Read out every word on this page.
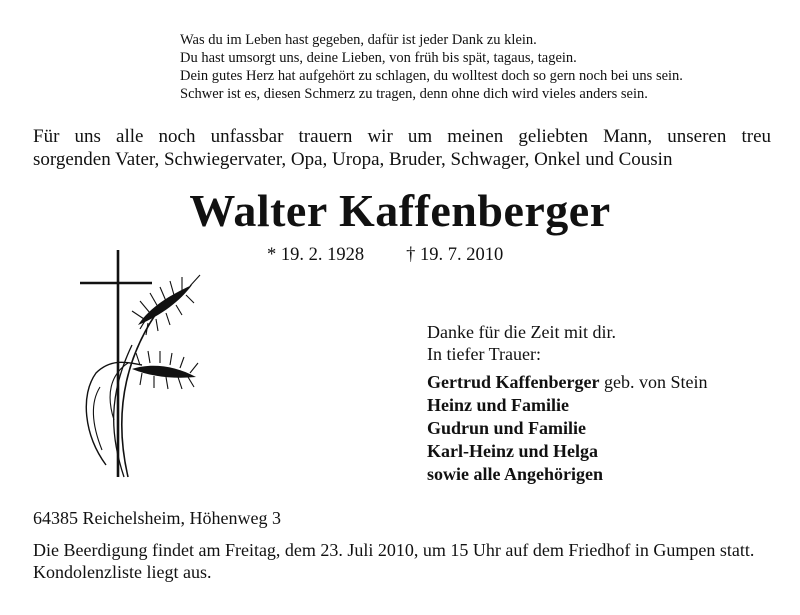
Was du im Leben hast gegeben, dafür ist jeder Dank zu klein.
Du hast umsorgt uns, deine Lieben, von früh bis spät, tagaus, tagein.
Dein gutes Herz hat aufgehört zu schlagen, du wolltest doch so gern noch bei uns sein.
Schwer ist es, diesen Schmerz zu tragen, denn ohne dich wird vieles anders sein.
Für uns alle noch unfassbar trauern wir um meinen geliebten Mann, unseren treu
sorgenden Vater, Schwiegervater, Opa, Uropa, Bruder, Schwager, Onkel und Cousin
Walter Kaffenberger
* 19. 2. 1928 † 19. 7. 2010
Danke für die Zeit mit dir.
In tiefer Trauer:
Gertrud Kaffenberger geb. von Stein
Heinz und Familie
Gudrun und Familie
Karl-Heinz und Helga
sowie alle Angehörigen
64385 Reichelsheim, Höhenweg 3
Die Beerdigung findet am Freitag, dem 23. Juli 2010, um 15 Uhr auf dem Friedhof in Gumpen statt. Kondolenzliste liegt aus.
